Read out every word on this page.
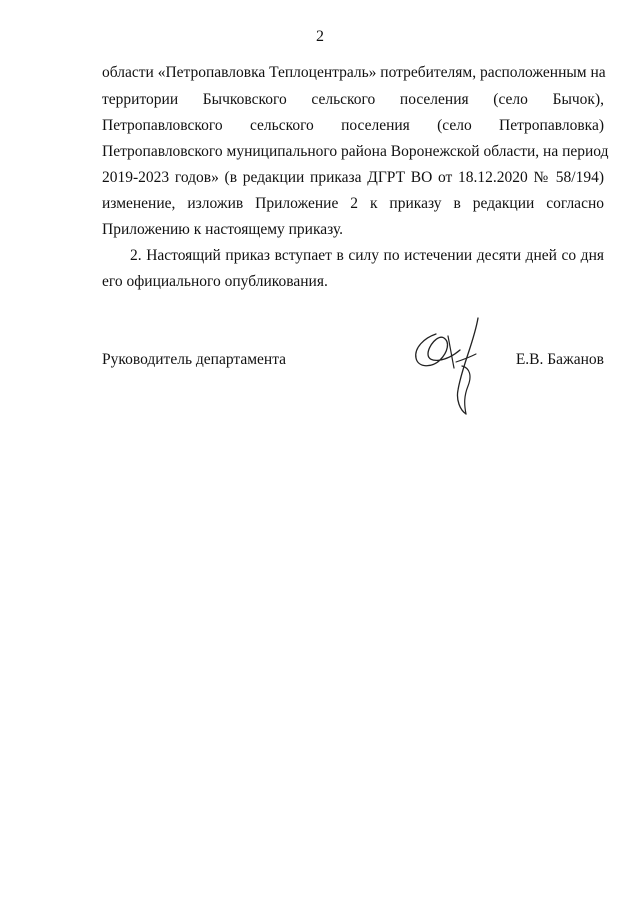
2
области «Петропавловка Теплоцентраль» потребителям, расположенным на
территории Бычковского сельского поселения (село Бычок),
Петропавловского сельского поселения (село Петропавловка)
Петропавловского муниципального района Воронежской области, на период
2019-2023 годов» (в редакции приказа ДГРТ ВО от 18.12.2020 № 58/194)
изменение, изложив Приложение 2 к приказу в редакции согласно
Приложению к настоящему приказу.
2. Настоящий приказ вступает в силу по истечении десяти дней со дня
его официального опубликования.
Руководитель департамента	Е.В. Бажанов
